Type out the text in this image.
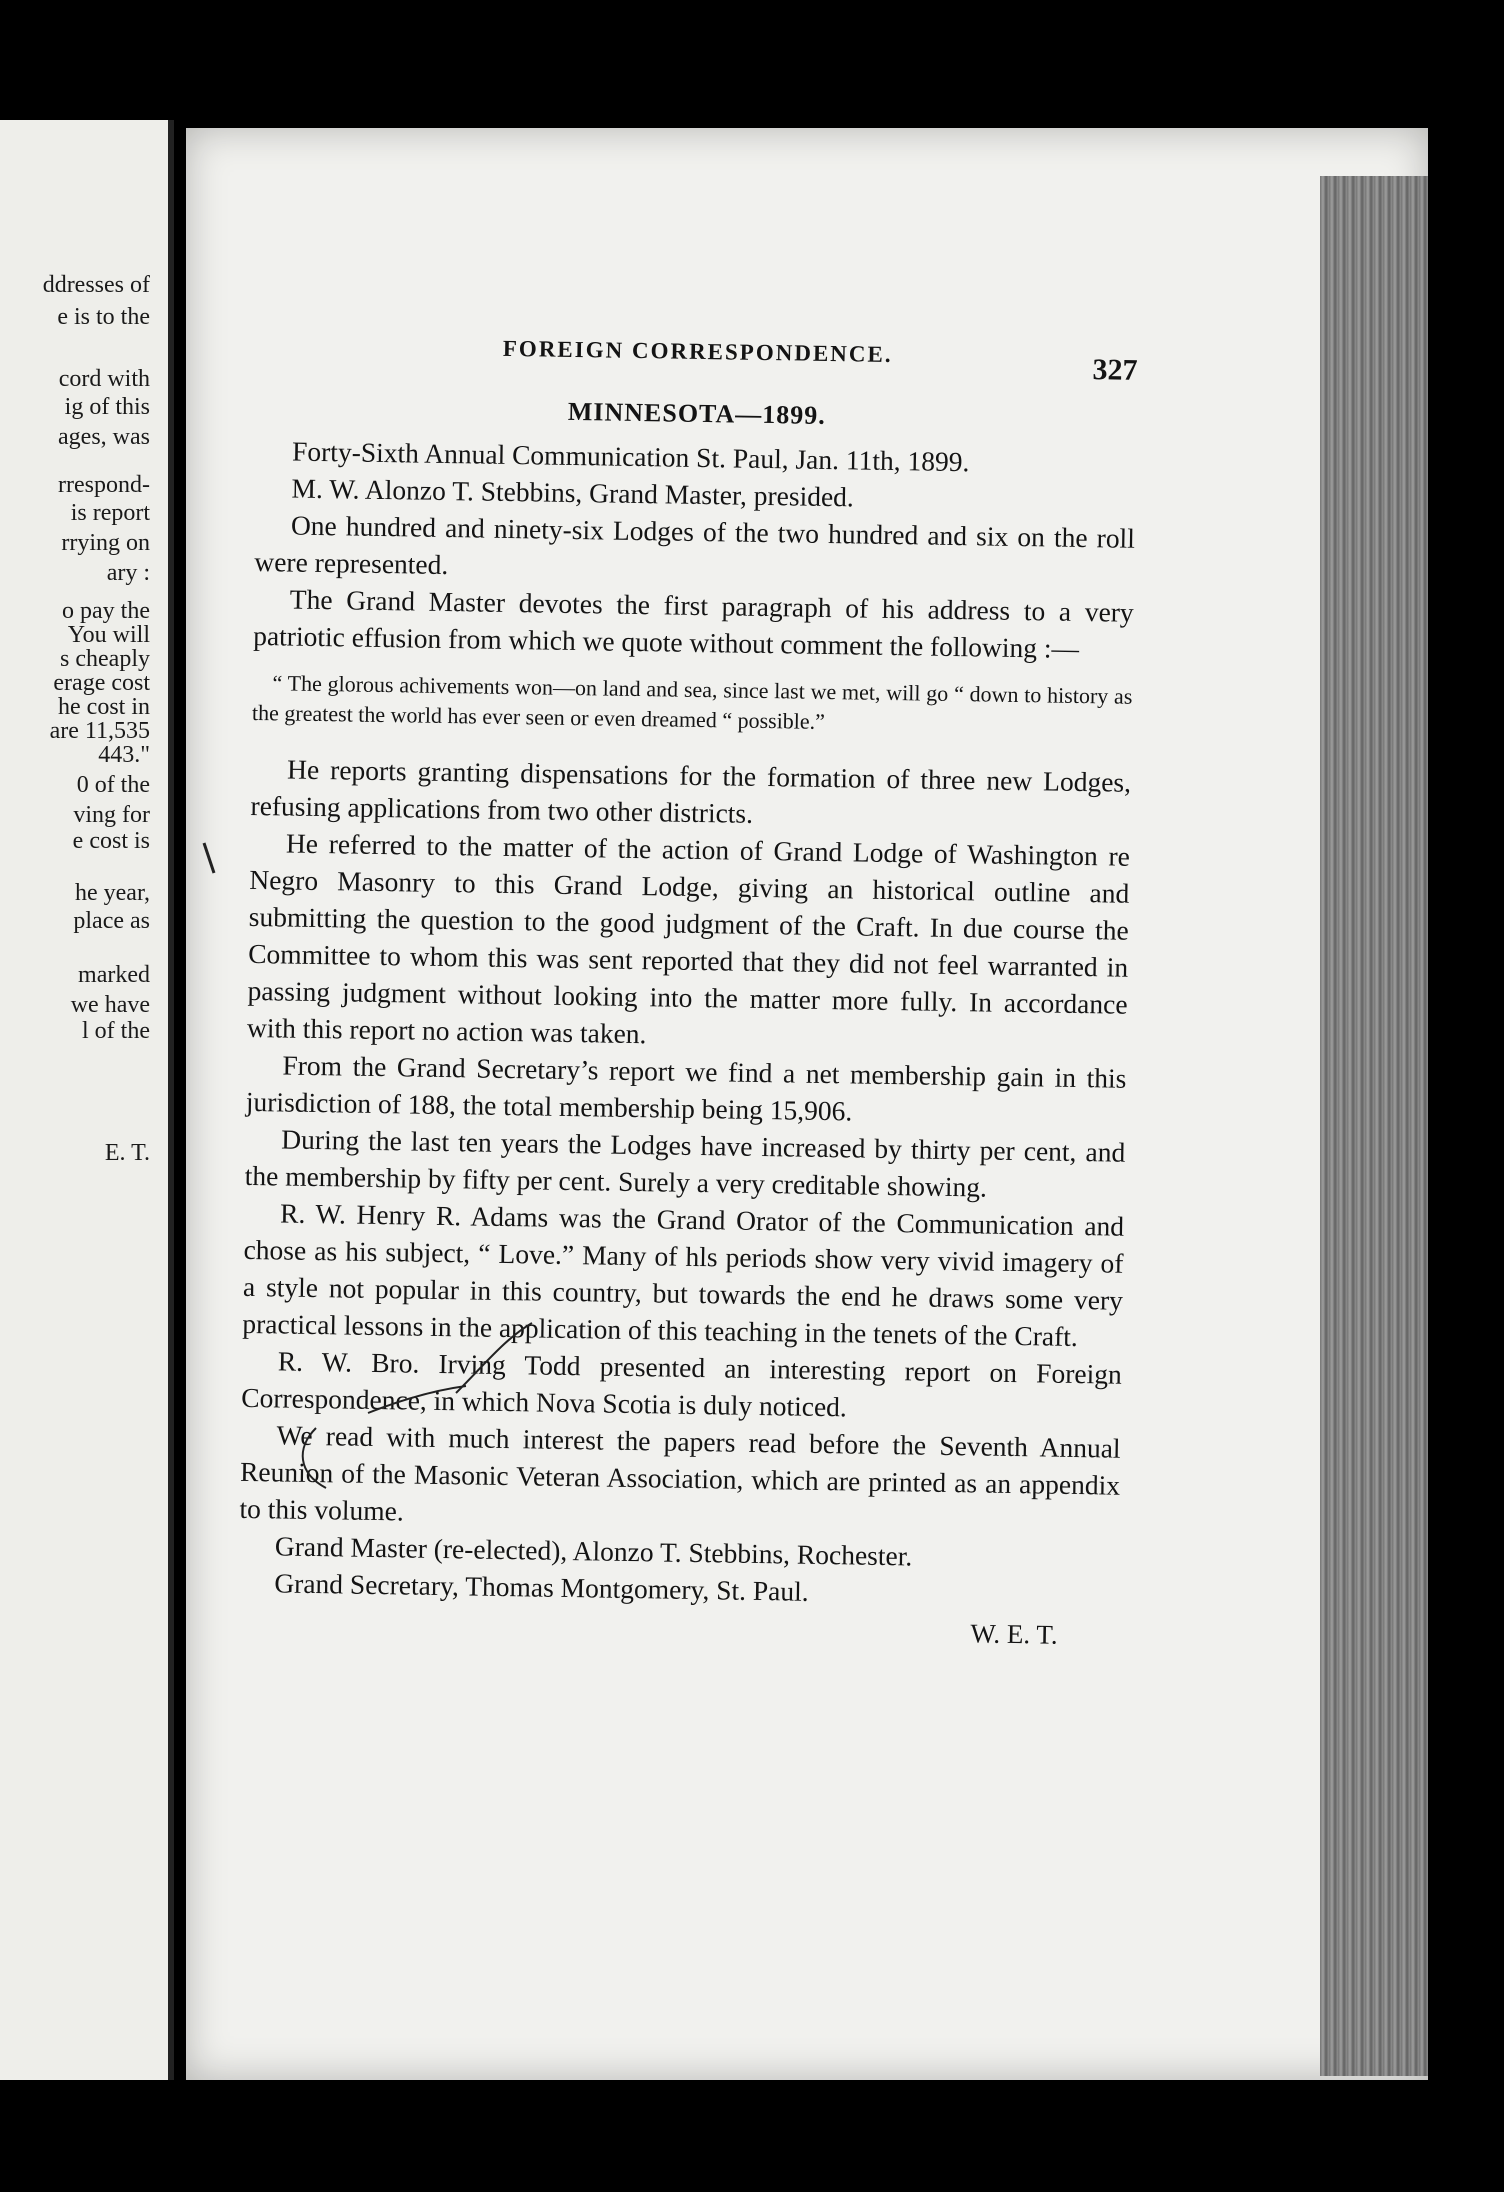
ddresses of
e is to the
cord with
ig of this
ages, was
rrespond-
is report
rrying on
ary :
o pay the
You will
s cheaply
erage cost
he cost in
are 11,535
443."
0 of the
ving for
e cost is
he year,
place as
marked
we have
l of the
E. T.
FOREIGN CORRESPONDENCE.
327
MINNESOTA—1899.

Forty-Sixth Annual Communication St. Paul, Jan. 11th, 1899.

M. W. Alonzo T. Stebbins, Grand Master, presided.

One hundred and ninety-six Lodges of the two hundred and six on the roll were represented.

The Grand Master devotes the first paragraph of his address to a very patriotic effusion from which we quote without comment the following :—

“ The glorous achivements won—on land and sea, since last we met, will go “ down to history as the greatest the world has ever seen or even dreamed “ possible.”

He reports granting dispensations for the formation of three new Lodges, refusing applications from two other districts.

He referred to the matter of the action of Grand Lodge of Washington re Negro Masonry to this Grand Lodge, giving an historical outline and submitting the question to the good judgment of the Craft. In due course the Committee to whom this was sent reported that they did not feel warranted in passing judgment without looking into the matter more fully. In accordance with this report no action was taken.

From the Grand Secretary’s report we find a net membership gain in this jurisdiction of 188, the total membership being 15,906.

During the last ten years the Lodges have increased by thirty per cent, and the membership by fifty per cent. Surely a very creditable showing.

R. W. Henry R. Adams was the Grand Orator of the Communication and chose as his subject, “ Love.” Many of hls periods show very vivid imagery of a style not popular in this country, but towards the end he draws some very practical lessons in the application of this teaching in the tenets of the Craft.

R. W. Bro. Irving Todd presented an interesting report on Foreign Correspondence, in which Nova Scotia is duly noticed.

We read with much interest the papers read before the Seventh Annual Reunion of the Masonic Veteran Association, which are printed as an appendix to this volume.

Grand Master (re-elected), Alonzo T. Stebbins, Rochester.

Grand Secretary, Thomas Montgomery, St. Paul.

W. E. T.
